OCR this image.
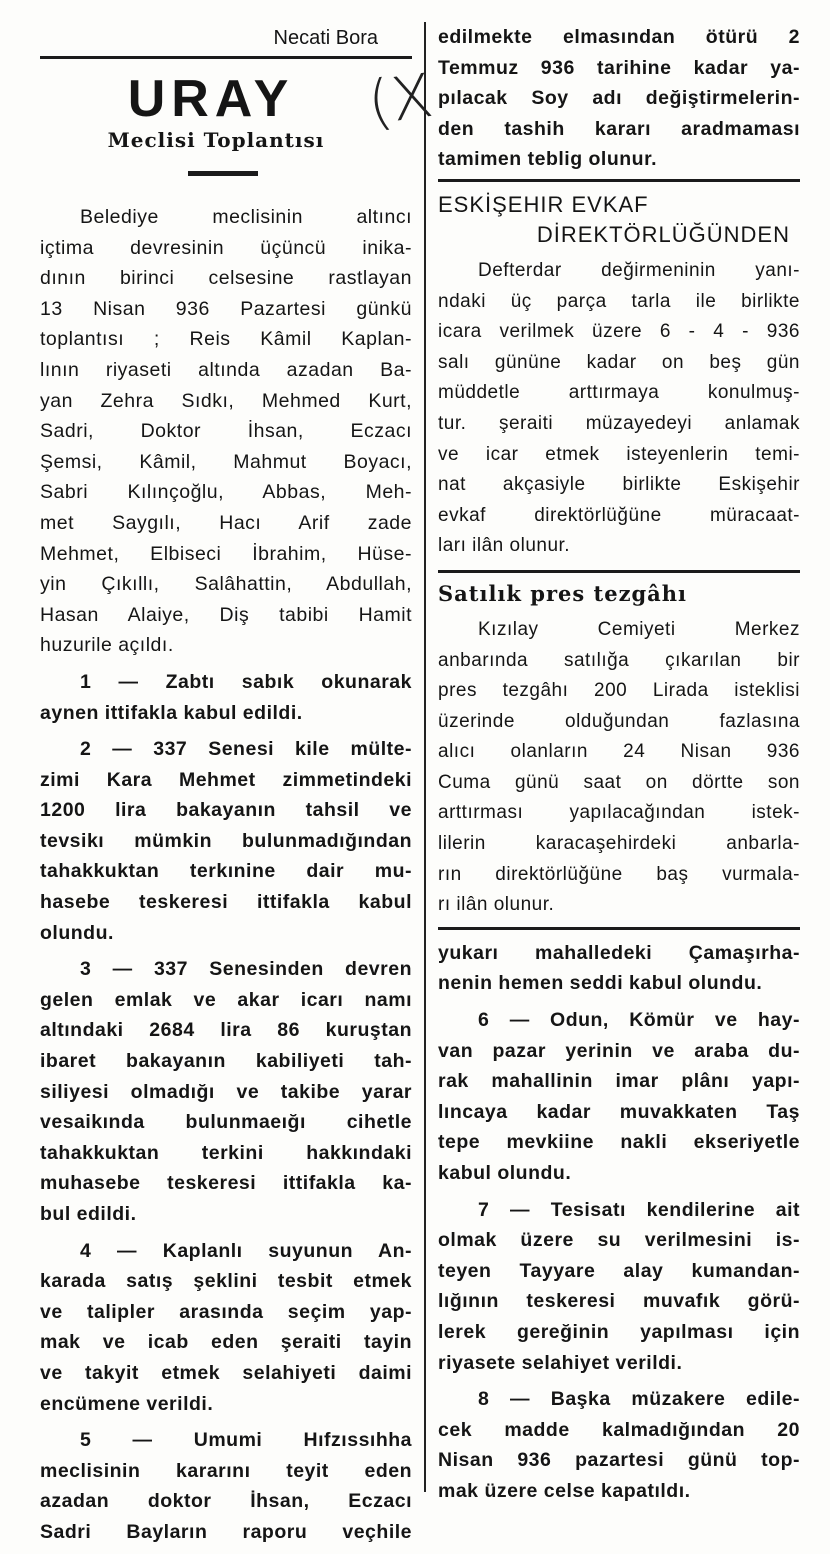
Necati Bora
URAY
Meclisi Toplantısı
Belediye meclisinin altıncı
içtima devresinin üçüncü inika-
dının birinci celsesine rastlayan
13 Nisan 936 Pazartesi günkü
toplantısı ; Reis Kâmil Kaplan-
lının riyaseti altında azadan Ba-
yan Zehra Sıdkı, Mehmed Kurt,
Sadri, Doktor İhsan, Eczacı
Şemsi, Kâmil, Mahmut Boyacı,
Sabri Kılınçoğlu, Abbas, Meh-
met Saygılı, Hacı Arif zade
Mehmet, Elbiseci İbrahim, Hüse-
yin Çıkıllı, Salâhattin, Abdullah,
Hasan Alaiye, Diş tabibi Hamit
huzurile açıldı.
1 — Zabtı sabık okunarak
aynen ittifakla kabul edildi.
2 — 337 Senesi kile mülte-
zimi Kara Mehmet zimmetindeki
1200 lira bakayanın tahsil ve
tevsikı mümkin bulunmadığından
tahakkuktan terkınine dair mu-
hasebe teskeresi ittifakla kabul
olundu.
3 — 337 Senesinden devren
gelen emlak ve akar icarı namı
altındaki 2684 lira 86 kuruştan
ibaret bakayanın kabiliyeti tah-
siliyesi olmadığı ve takibe yarar
vesaikında bulunmaeığı cihetle
tahakkuktan terkini hakkındaki
muhasebe teskeresi ittifakla ka-
bul edildi.
4 — Kaplanlı suyunun An-
karada satış şeklini tesbit etmek
ve talipler arasında seçim yap-
mak ve icab eden şeraiti tayin
ve takyit etmek selahiyeti daimi
encümene verildi.
5 — Umumi Hıfzıssıhha
meclisinin kararını teyit eden
azadan doktor İhsan, Eczacı
Sadri Bayların raporu veçhile
(X
edilmekte elmasından ötürü 2
Temmuz 936 tarihine kadar ya-
pılacak Soy adı değiştirmelerin-
den tashih kararı aradmaması
tamimen teblig olunur.
ESKİŞEHIR EVKAF
DİREKTÖRLÜĞÜNDEN
Defterdar değirmeninin yanı-
ndaki üç parça tarla ile birlikte
icara verilmek üzere 6 - 4 - 936
salı gününe kadar on beş gün
müddetle arttırmaya konulmuş-
tur. şeraiti müzayedeyi anlamak
ve icar etmek isteyenlerin temi-
nat akçasiyle birlikte Eskişehir
evkaf direktörlüğüne müracaat-
ları ilân olunur.
Satılık pres tezgâhı
Kızılay Cemiyeti Merkez
anbarında satılığa çıkarılan bir
pres tezgâhı 200 Lirada isteklisi
üzerinde olduğundan fazlasına
alıcı olanların 24 Nisan 936
Cuma günü saat on dörtte son
arttırması yapılacağından istek-
lilerin karacaşehirdeki anbarla-
rın direktörlüğüne baş vurmala-
rı ilân olunur.
yukarı mahalledeki Çamaşırha-
nenin hemen seddi kabul olundu.
6 — Odun, Kömür ve hay-
van pazar yerinin ve araba du-
rak mahallinin imar plânı yapı-
lıncaya kadar muvakkaten Taş
tepe mevkiine nakli ekseriyetle
kabul olundu.
7 — Tesisatı kendilerine ait
olmak üzere su verilmesini is-
teyen Tayyare alay kumandan-
lığının teskeresi muvafık görü-
lerek gereğinin yapılması için
riyasete selahiyet verildi.
8 — Başka müzakere edile-
cek madde kalmadığından 20
Nisan 936 pazartesi günü top-
mak üzere celse kapatıldı.
